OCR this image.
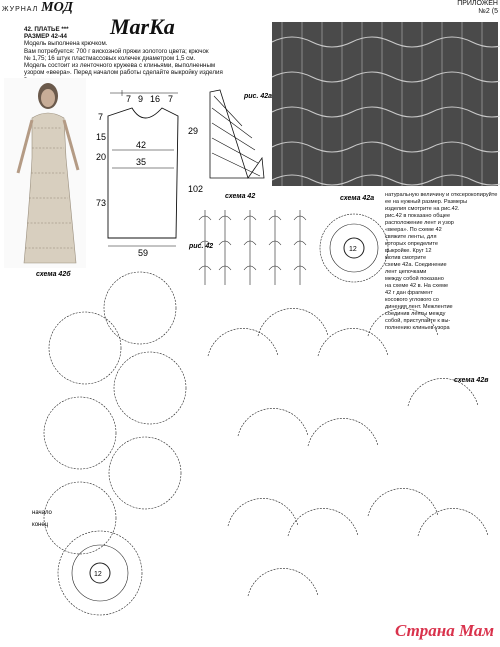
ЖУРНАЛ МОД	ПРИЛОЖЕН
№2 (5
MarKa
42. ПЛАТЬЕ ***
РАЗМЕР 42-44
Модель выполнена крючком.
Вам потребуется: 700 г вискозной пряжи золотого цвета; крючок
№ 1,75; 16 штук пластмассовых колечек диаметром 1,5 см.
Модель состоит из ленточного кружева с клиньями, выполненным
узором «веера». Перед началом работы сделайте выкройку изделия
7 9 16 7
7
15
20
73
42
35
29
102
59
рис. 42а
схема 42
рис. 42
схема 42а
12
натуральную величину и отксерокопируйте
ее на нужный размер. Размеры
изделия смотрите на рис.42.
рис.42 в показано общее
расположение лент и узор
«веера». По схеме 42
свяжите ленты, для
которых определите
выкройке. Круг 12
мотив смотрите
схеме 42а. Соединение
лент цепочками
между собой показано
на схеме 42 в. На схеме
42 г дан фрагмент
косового углового со
динения лент. Межлентие
соединив ленты между
собой, приступайте к вы-
полнению клиньев узора
схема 42б
12
начало
конец
схема 42в
Страна Мам
